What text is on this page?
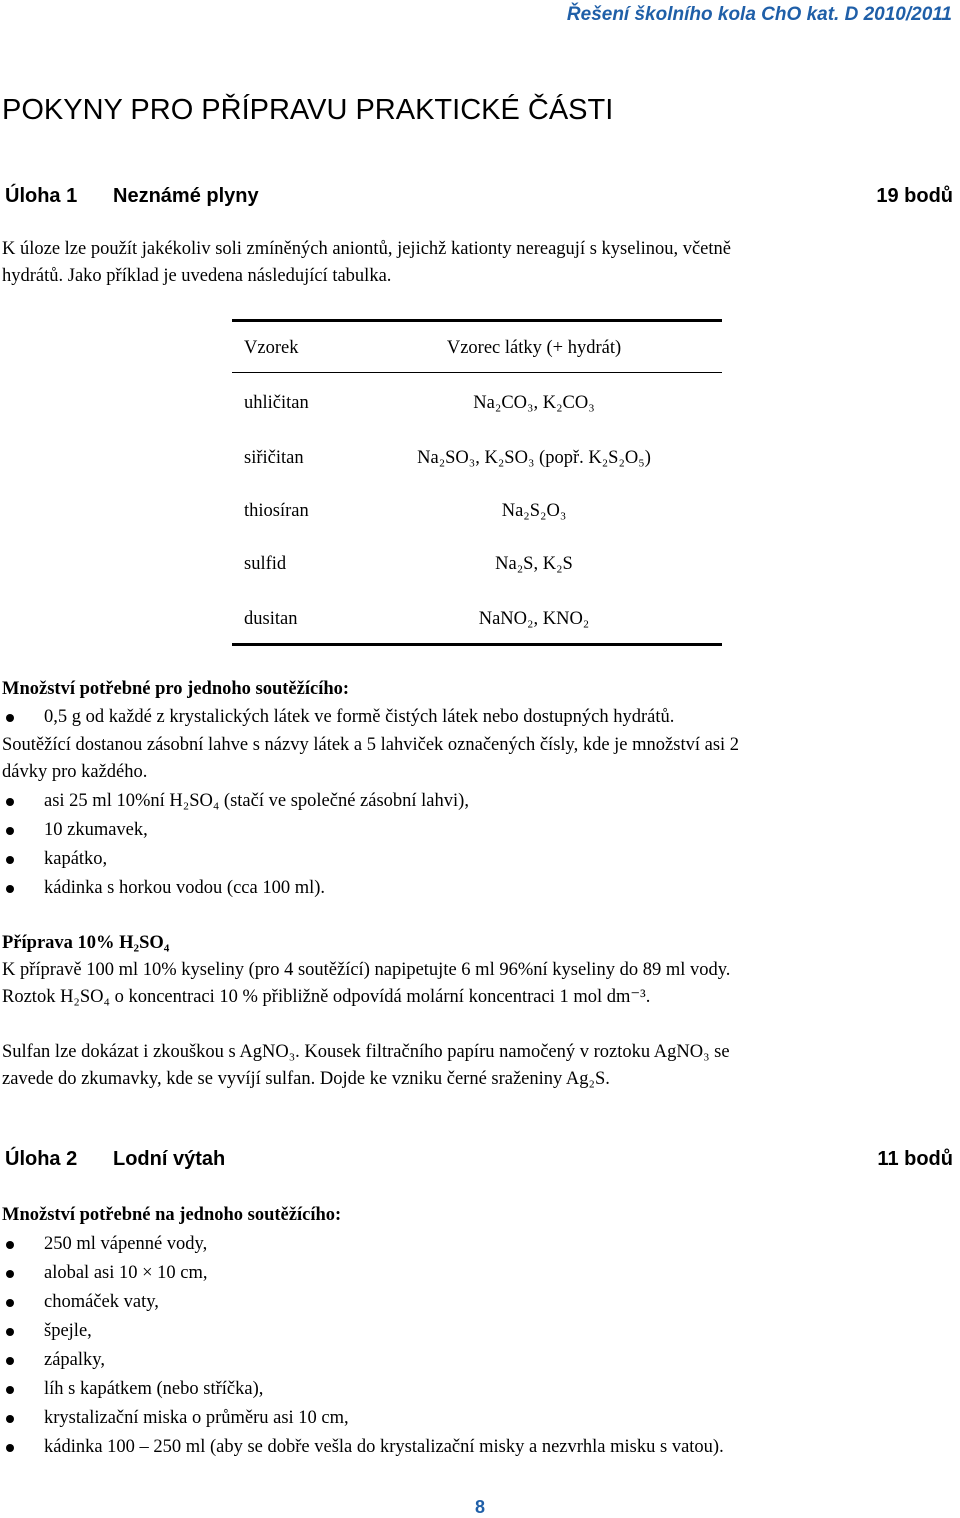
Řešení školního kola ChO kat. D 2010/2011
POKYNY PRO PŘÍPRAVU PRAKTICKÉ ČÁSTI
Úloha 1 Neznámé plyny	19 bodů
K úloze lze použít jakékoliv soli zmíněných aniontů, jejichž kationty nereagují s kyselinou, včetně
hydrátů. Jako příklad je uvedena následující tabulka.
Vzorek	Vzorec látky (+ hydrát)
uhličitan	Na₂CO₃, K₂CO₃
siřičitan	Na₂SO₃, K₂SO₃ (popř. K₂S₂O₅)
thiosíran	Na₂S₂O₃
sulfid	Na₂S, K₂S
dusitan	NaNO₂, KNO₂
Množství potřebné pro jednoho soutěžícího:
0,5 g od každé z krystalických látek ve formě čistých látek nebo dostupných hydrátů.
Soutěžící dostanou zásobní lahve s názvy látek a 5 lahviček označených čísly, kde je množství asi 2
dávky pro každého.
asi 25 ml 10%ní H₂SO₄ (stačí ve společné zásobní lahvi),
10 zkumavek,
kapátko,
kádinka s horkou vodou (cca 100 ml).
Příprava 10% H₂SO₄
K přípravě 100 ml 10% kyseliny (pro 4 soutěžící) napipetujte 6 ml 96%ní kyseliny do 89 ml vody.
Roztok H₂SO₄ o koncentraci 10 % přibližně odpovídá molární koncentraci 1 mol dm⁻³.
Sulfan lze dokázat i zkouškou s AgNO₃. Kousek filtračního papíru namočený v roztoku AgNO₃ se
zavede do zkumavky, kde se vyvíjí sulfan. Dojde ke vzniku černé sraženiny Ag₂S.
Úloha 2 Lodní výtah	11 bodů
Množství potřebné na jednoho soutěžícího:
250 ml vápenné vody,
alobal asi 10 × 10 cm,
chomáček vaty,
špejle,
zápalky,
líh s kapátkem (nebo stříčka),
krystalizační miska o průměru asi 10 cm,
kádinka 100 – 250 ml (aby se dobře vešla do krystalizační misky a nezvrhla misku s vatou).
8
